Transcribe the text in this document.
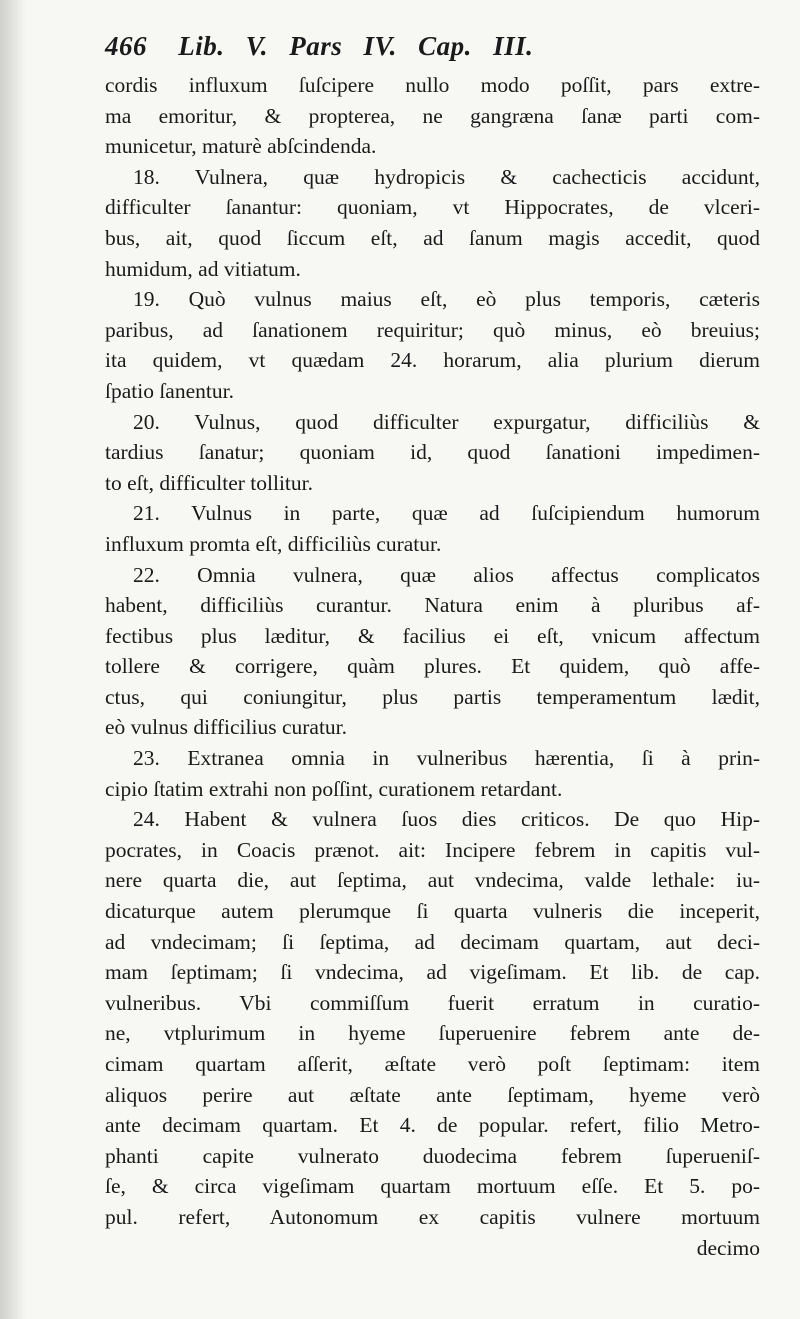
466 Lib. V. Pars IV. Cap. III.
cordis influxum ſuſcipere nullo modo poſſit, pars extre-
ma emoritur, & propterea, ne gangræna ſanæ parti com-
municetur, maturè abſcindenda.
18. Vulnera, quæ hydropicis & cachecticis accidunt,
difficulter ſanantur: quoniam, vt Hippocrates, de vlceri-
bus, ait, quod ſiccum eſt, ad ſanum magis accedit, quod
humidum, ad vitiatum.
19. Quò vulnus maius eſt, eò plus temporis, cæteris
paribus, ad ſanationem requiritur; quò minus, eò breuius;
ita quidem, vt quædam 24. horarum, alia plurium dierum
ſpatio ſanentur.
20. Vulnus, quod difficulter expurgatur, difficiliùs &
tardius ſanatur; quoniam id, quod ſanationi impedimen-
to eſt, difficulter tollitur.
21. Vulnus in parte, quæ ad ſuſcipiendum humorum
influxum promta eſt, difficiliùs curatur.
22. Omnia vulnera, quæ alios affectus complicatos
habent, difficiliùs curantur. Natura enim à pluribus af-
fectibus plus læditur, & facilius ei eſt, vnicum affectum
tollere & corrigere, quàm plures. Et quidem, quò affe-
ctus, qui coniungitur, plus partis temperamentum lædit,
eò vulnus difficilius curatur.
23. Extranea omnia in vulneribus hærentia, ſi à prin-
cipio ſtatim extrahi non poſſint, curationem retardant.
24. Habent & vulnera ſuos dies criticos. De quo Hip-
pocrates, in Coacis prænot. ait: Incipere febrem in capitis vul-
nere quarta die, aut ſeptima, aut vndecima, valde lethale: iu-
dicaturque autem plerumque ſi quarta vulneris die inceperit,
ad vndecimam; ſi ſeptima, ad decimam quartam, aut deci-
mam ſeptimam; ſi vndecima, ad vigeſimam. Et lib. de cap.
vulneribus. Vbi commiſſum fuerit erratum in curatio-
ne, vtplurimum in hyeme ſuperuenire febrem ante de-
cimam quartam aſſerit, æſtate verò poſt ſeptimam: item
aliquos perire aut æſtate ante ſeptimam, hyeme verò
ante decimam quartam. Et 4. de popular. refert, filio Metro-
phanti capite vulnerato duodecima febrem ſuperueniſ-
ſe, & circa vigeſimam quartam mortuum eſſe. Et 5. po-
pul. refert, Autonomum ex capitis vulnere mortuum
decimo
